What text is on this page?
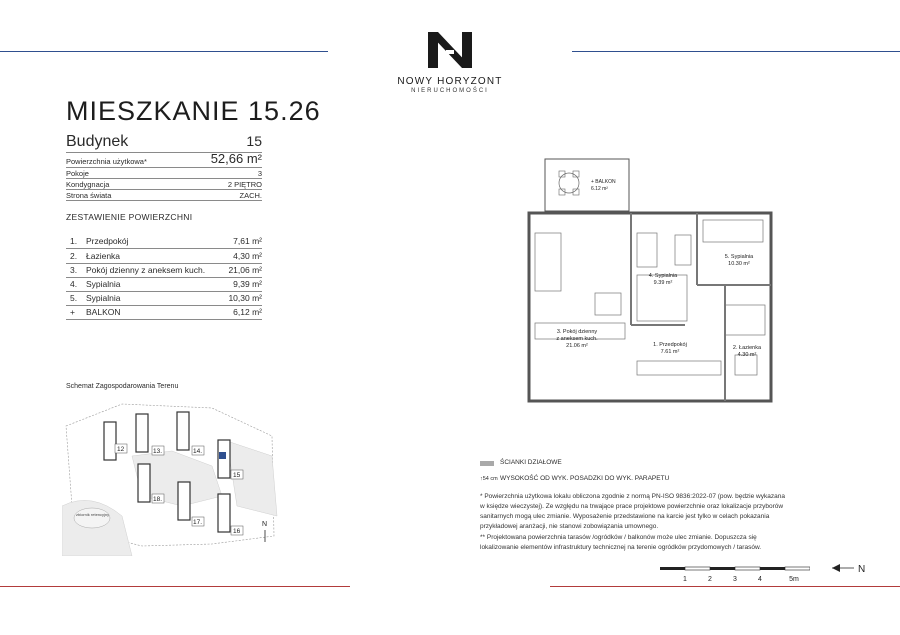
NOWY HORYZONT
NIERUCHOMOŚCI
MIESZKANIE 15.26
Budynek	15
Powierzchnia użytkowa*	52,66 m²
Pokoje	3
Kondygnacja	2 PIĘTRO
Strona świata	ZACH.
ZESTAWIENIE POWIERZCHNI
1. Przedpokój	7,61 m²
2. Łazienka	4,30 m²
3. Pokój dzienny z aneksem kuch.	21,06 m²
4. Sypialnia	9,39 m²
5. Sypialnia	10,30 m²
+ BALKON	6,12 m²
Schemat Zagospodarowania Terenu
12	13.	14.
15
16
17.
18.
zbiornik retencyjny
N
+ BALKON 6.12 m²
3. Pokój dzienny
z aneksem kuch.
21.06 m²
4. Sypialnia
9.39 m²
5. Sypialnia
10.30 m²
1. Przedpokój
7.61 m²
2. Łazienka
4.30 m²
ŚCIANKI DZIAŁOWE
↑54 cm WYSOKOŚĆ OD WYK. POSADZKI DO WYK. PARAPETU
* Powierzchnia użytkowa lokalu obliczona zgodnie z normą PN-ISO 9836:2022-07 (pow. będzie wykazana
w księdze wieczystej). Ze względu na trwające prace projektowe powierzchnie oraz lokalizacje przyborów
sanitarnych mogą ulec zmianie. Wyposażenie przedstawione na karcie jest tylko w celach pokazania
przykładowej aranżacji, nie stanowi zobowiązania umownego.
** Projektowana powierzchnia tarasów /ogródków / balkonów może ulec zmianie. Dopuszcza się
lokalizowanie elementów infrastruktury technicznej na terenie ogródków przydomowych / tarasów.
1	2	3	4	5m
N
